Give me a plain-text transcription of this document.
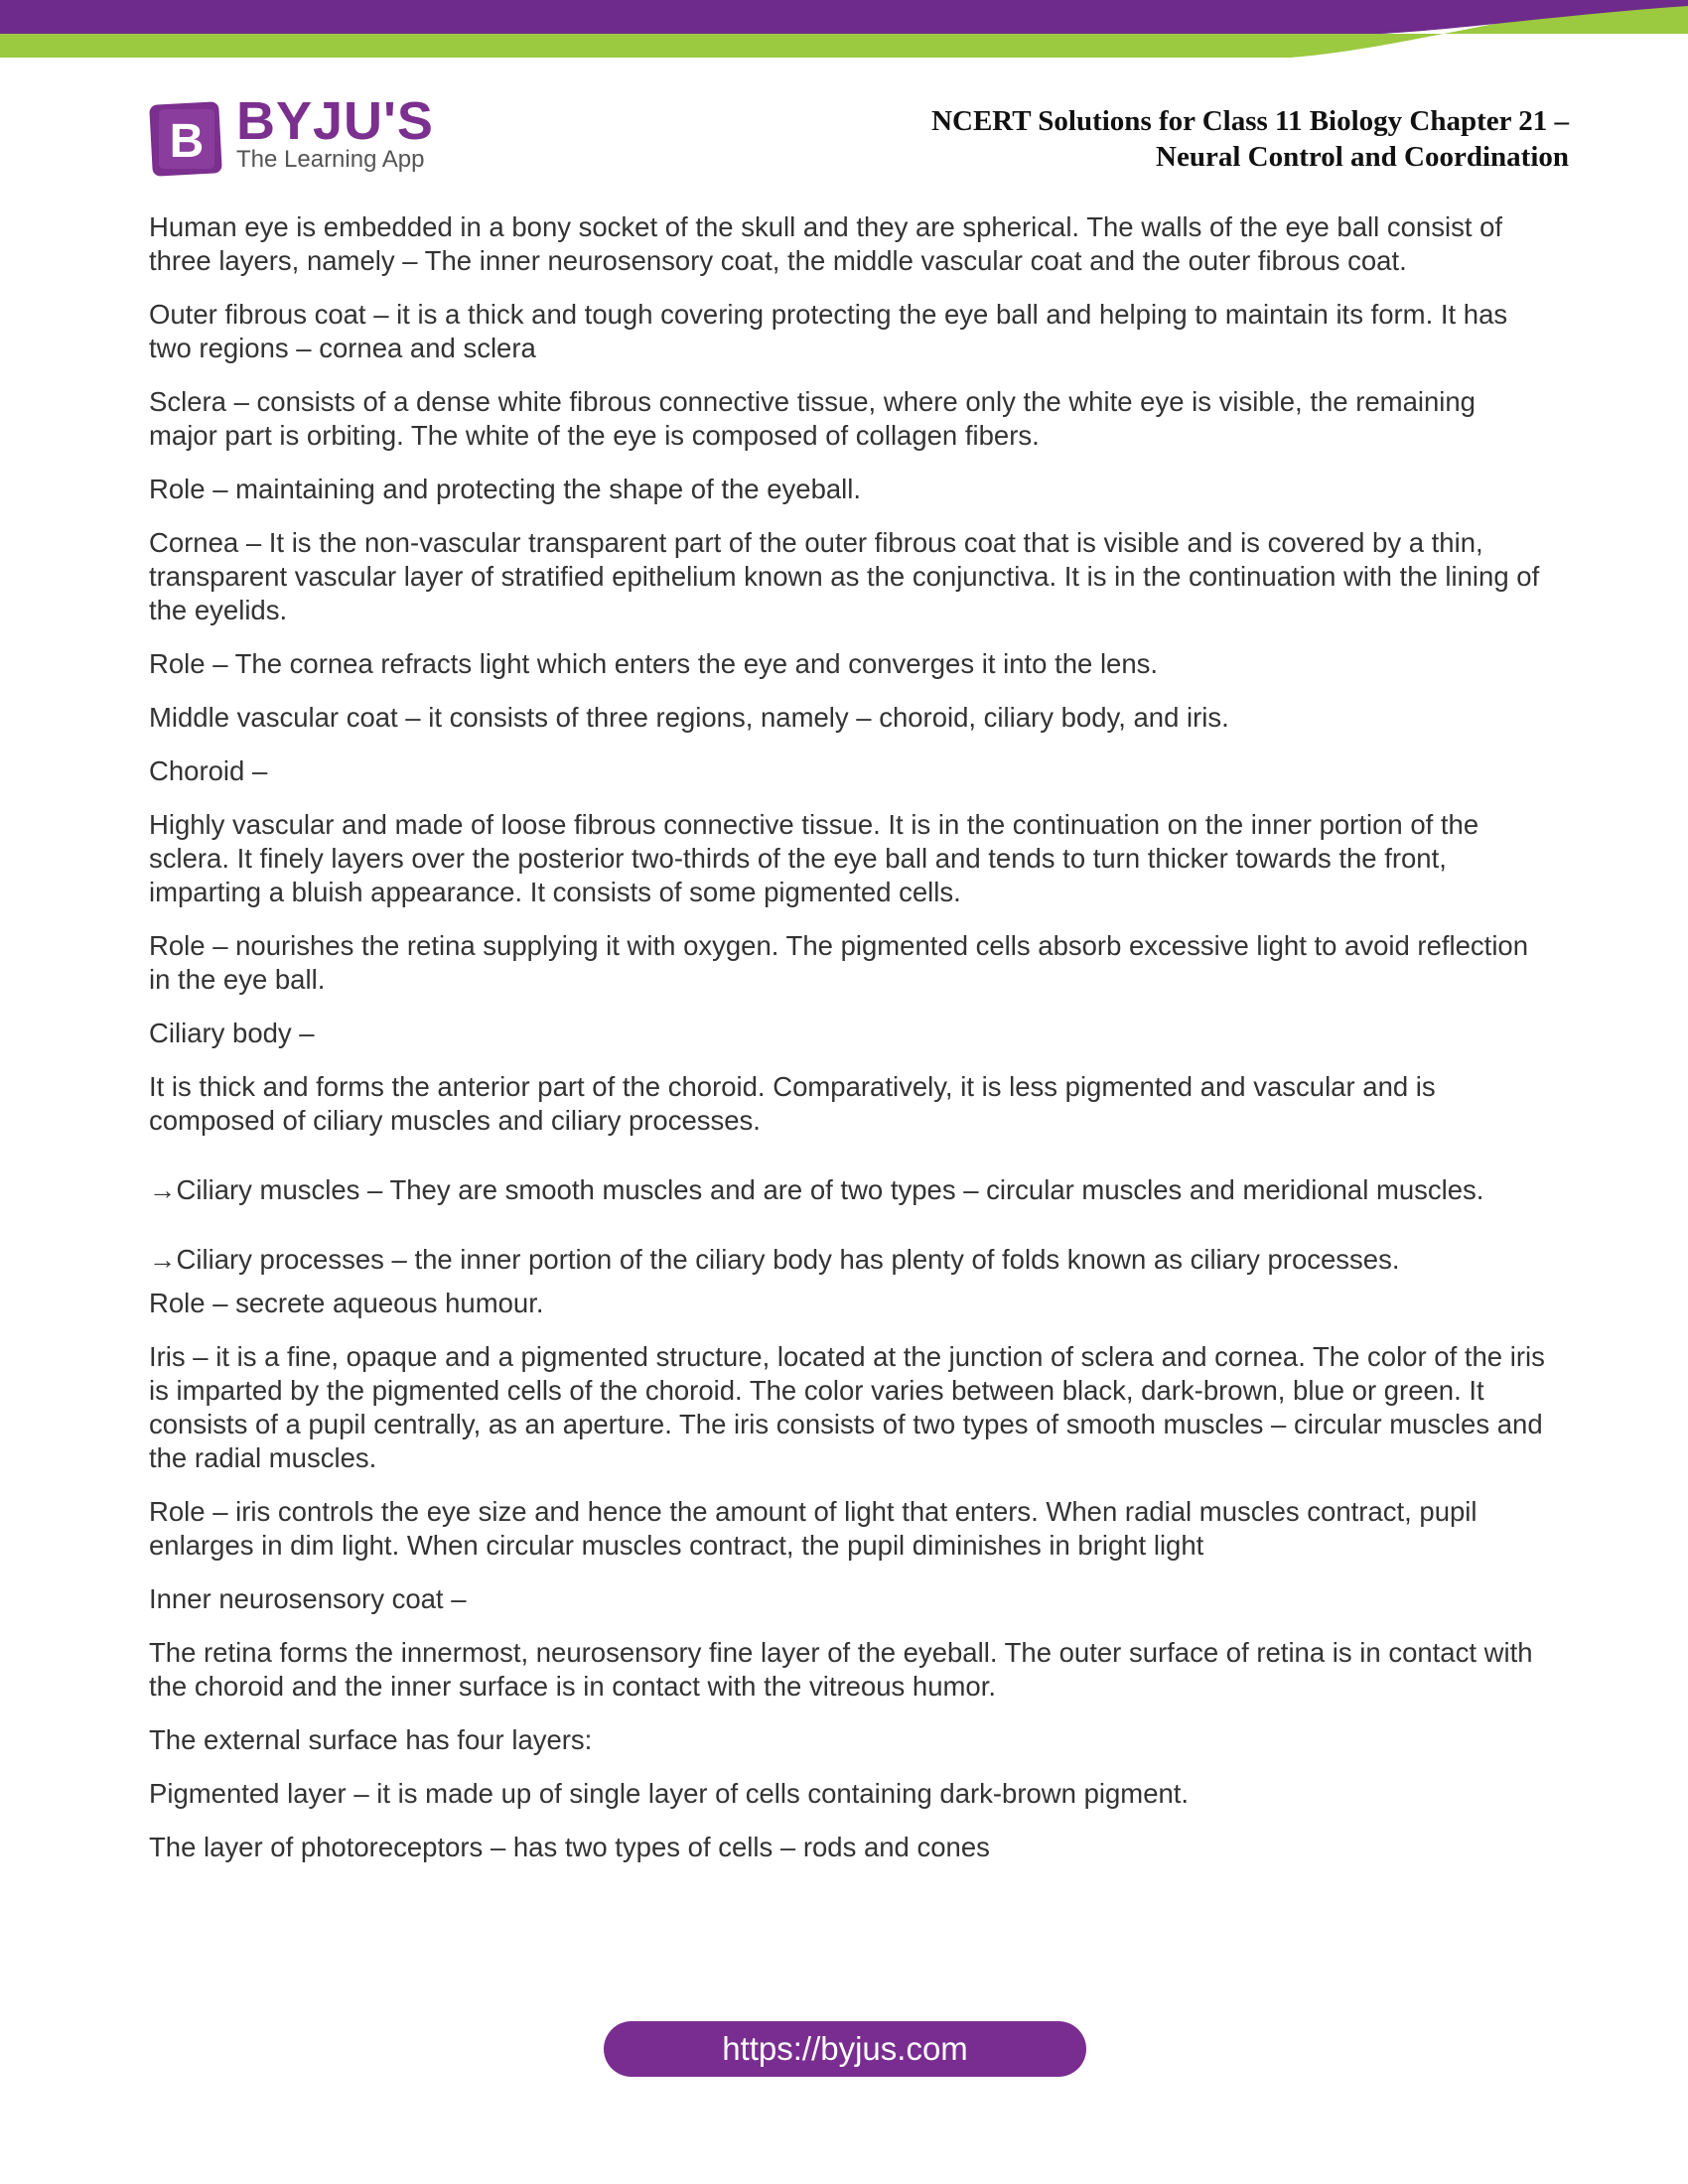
B BYJU'S
The Learning App
NCERT Solutions for Class 11 Biology Chapter 21 –
Neural Control and Coordination

Human eye is embedded in a bony socket of the skull and they are spherical. The walls of the eye ball consist of three layers, namely – The inner neurosensory coat, the middle vascular coat and the outer fibrous coat.

Outer fibrous coat – it is a thick and tough covering protecting the eye ball and helping to maintain its form. It has two regions – cornea and sclera

Sclera – consists of a dense white fibrous connective tissue, where only the white eye is visible, the remaining major part is orbiting. The white of the eye is composed of collagen fibers.

Role – maintaining and protecting the shape of the eyeball.

Cornea – It is the non-vascular transparent part of the outer fibrous coat that is visible and is covered by a thin, transparent vascular layer of stratified epithelium known as the conjunctiva. It is in the continuation with the lining of the eyelids.

Role – The cornea refracts light which enters the eye and converges it into the lens.

Middle vascular coat – it consists of three regions, namely – choroid, ciliary body, and iris.

Choroid –

Highly vascular and made of loose fibrous connective tissue. It is in the continuation on the inner portion of the sclera. It finely layers over the posterior two-thirds of the eye ball and tends to turn thicker towards the front, imparting a bluish appearance. It consists of some pigmented cells.

Role – nourishes the retina supplying it with oxygen. The pigmented cells absorb excessive light to avoid reflection in the eye ball.

Ciliary body –

It is thick and forms the anterior part of the choroid. Comparatively, it is less pigmented and vascular and is composed of ciliary muscles and ciliary processes.

→Ciliary muscles – They are smooth muscles and are of two types – circular muscles and meridional muscles.

→Ciliary processes – the inner portion of the ciliary body has plenty of folds known as ciliary processes.

Role – secrete aqueous humour.

Iris – it is a fine, opaque and a pigmented structure, located at the junction of sclera and cornea. The color of the iris is imparted by the pigmented cells of the choroid. The color varies between black, dark-brown, blue or green. It consists of a pupil centrally, as an aperture. The iris consists of two types of smooth muscles – circular muscles and the radial muscles.

Role – iris controls the eye size and hence the amount of light that enters. When radial muscles contract, pupil enlarges in dim light. When circular muscles contract, the pupil diminishes in bright light

Inner neurosensory coat –

The retina forms the innermost, neurosensory fine layer of the eyeball. The outer surface of retina is in contact with the choroid and the inner surface is in contact with the vitreous humor.

The external surface has four layers:

Pigmented layer – it is made up of single layer of cells containing dark-brown pigment.

The layer of photoreceptors – has two types of cells – rods and cones

https://byjus.com
